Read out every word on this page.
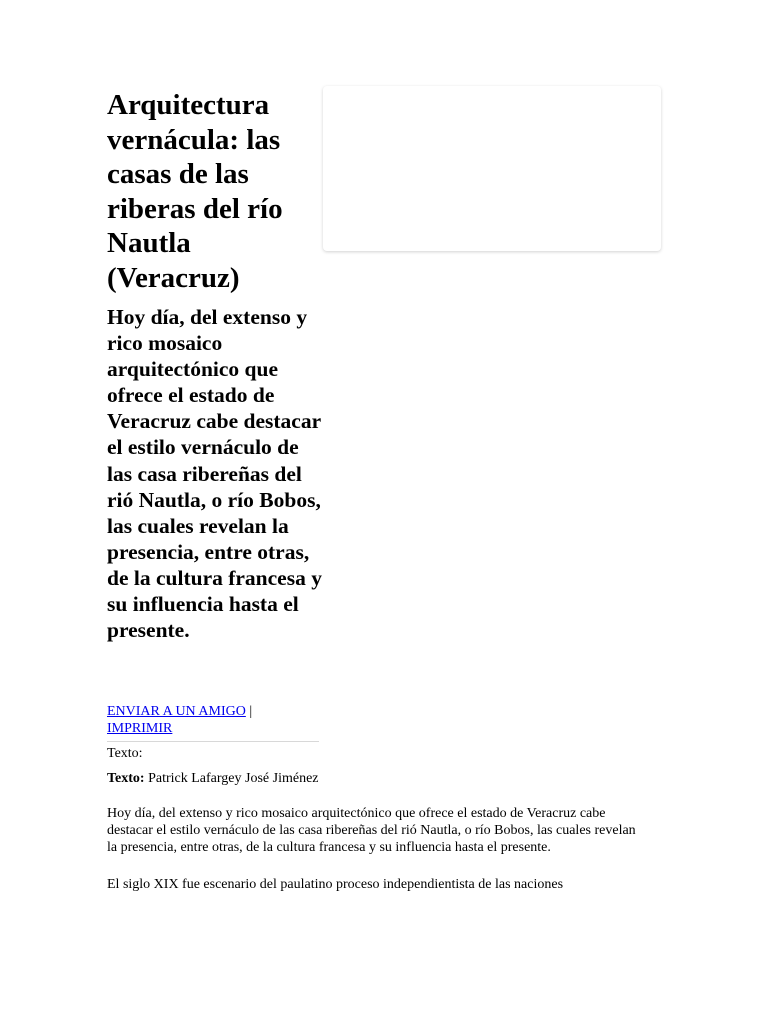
Arquitectura vernácula: las casas de las riberas del río Nautla (Veracruz)
Hoy día, del extenso y rico mosaico arquitectónico que ofrece el estado de Veracruz cabe destacar el estilo vernáculo de las casa ribereñas del rió Nautla, o río Bobos, las cuales revelan la presencia, entre otras, de la cultura francesa y su influencia hasta el presente.
ENVIAR A UN AMIGO | IMPRIMIR

Texto:

Texto: Patrick Lafargey José Jiménez

Hoy día, del extenso y rico mosaico arquitectónico que ofrece el estado de Veracruz cabe destacar el estilo vernáculo de las casa ribereñas del rió Nautla, o río Bobos, las cuales revelan la presencia, entre otras, de la cultura francesa y su influencia hasta el presente.

El siglo XIX fue escenario del paulatino proceso independientista de las naciones
